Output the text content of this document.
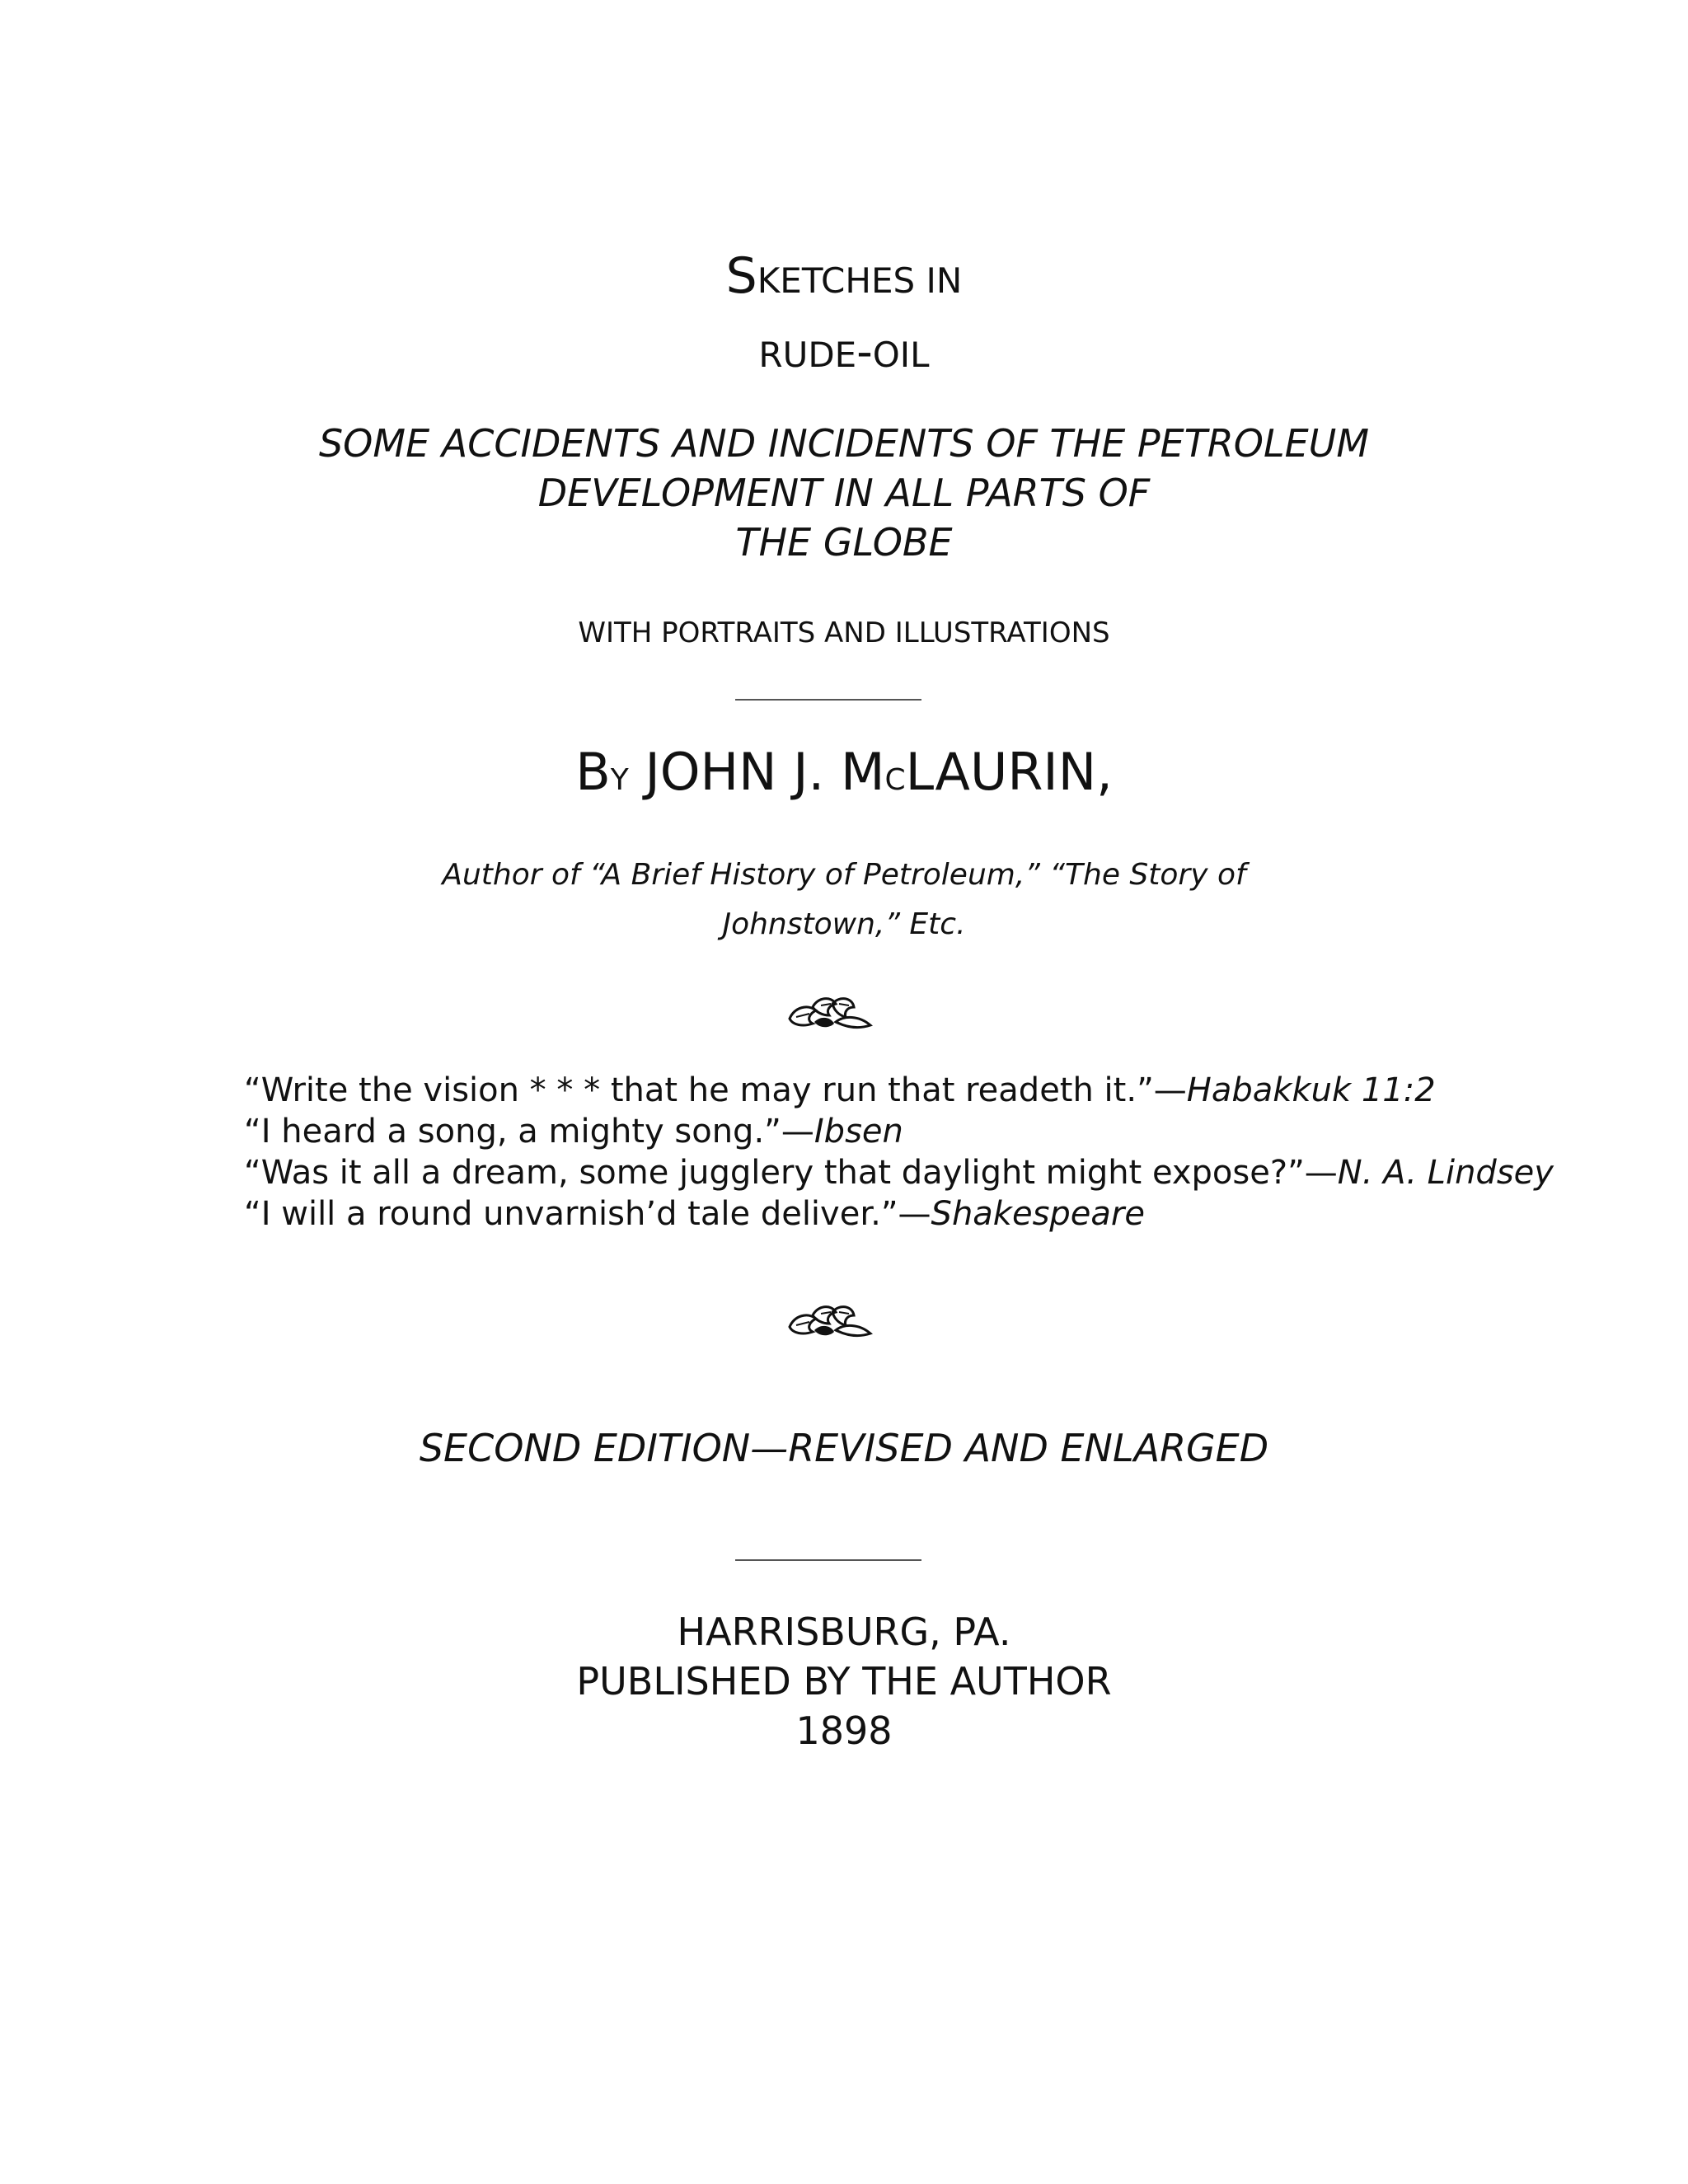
SKETCHES IN
RUDE-OIL
SOME ACCIDENTS AND INCIDENTS OF THE PETROLEUM
DEVELOPMENT IN ALL PARTS OF
THE GLOBE
WITH PORTRAITS AND ILLUSTRATIONS
BY JOHN J. MCLAURIN,
Author of “A Brief History of Petroleum,” “The Story of
Johnstown,” Etc.
“Write the vision * * * that he may run that readeth it.”—Habakkuk 11:2
“I heard a song, a mighty song.”—Ibsen
“Was it all a dream, some jugglery that daylight might expose?”—N. A. Lindsey
“I will a round unvarnish’d tale deliver.”—Shakespeare
SECOND EDITION—REVISED AND ENLARGED
HARRISBURG, PA.
PUBLISHED BY THE AUTHOR
1898
